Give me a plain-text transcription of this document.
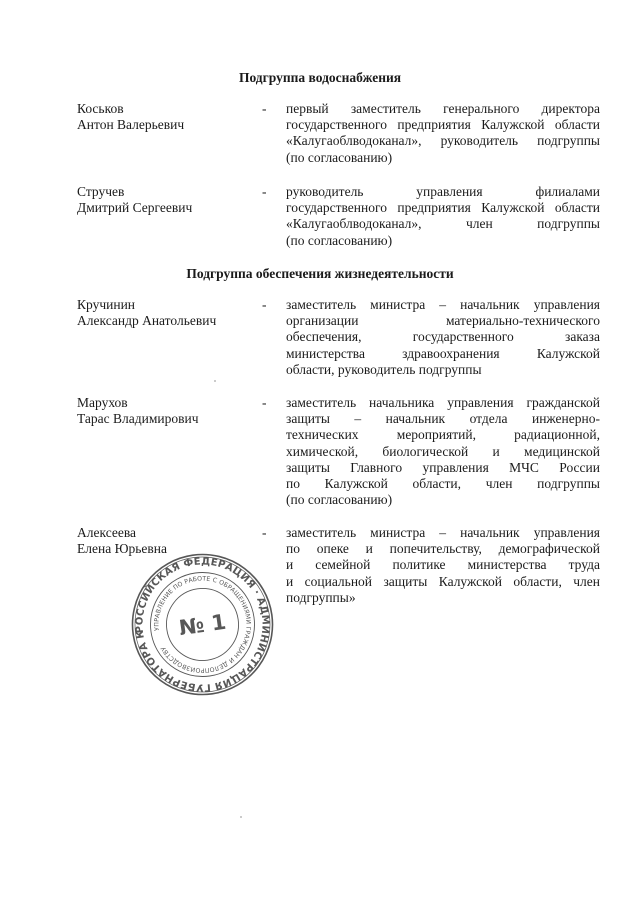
Подгруппа водоснабжения
Коськов
Антон Валерьевич
- первый заместитель генерального директора
государственного предприятия Калужской области
«Калугаоблводоканал», руководитель подгруппы
(по согласованию)
Стручев
Дмитрий Сергеевич
- руководитель управления филиалами
государственного предприятия Калужской области
«Калугаоблводоканал», член подгруппы
(по согласованию)
Подгруппа обеспечения жизнедеятельности
Кручинин
Александр Анатольевич
- заместитель министра – начальник управления
организации материально-технического
обеспечения, государственного заказа
министерства здравоохранения Калужской
области, руководитель подгруппы
Марухов
Тарас Владимирович
- заместитель начальника управления гражданской
защиты – начальник отдела инженерно-
технических мероприятий, радиационной,
химической, биологической и медицинской
защиты Главного управления МЧС России
по Калужской области, член подгруппы
(по согласованию)
Алексеева
Елена Юрьевна
- заместитель министра – начальник управления
по опеке и попечительству, демографической
и семейной политике министерства труда
и социальной защиты Калужской области, член
подгруппы»
РОССИЙСКАЯ ФЕДЕРАЦИЯ · АДМИНИСТРАЦИЯ ГУБЕРНАТОРА КАЛУЖСКОЙ
УПРАВЛЕНИЕ ПО РАБОТЕ С ОБРАЩЕНИЯМИ ГРАЖДАН И ДЕЛОПРОИЗВОДСТВУ
№ 1
